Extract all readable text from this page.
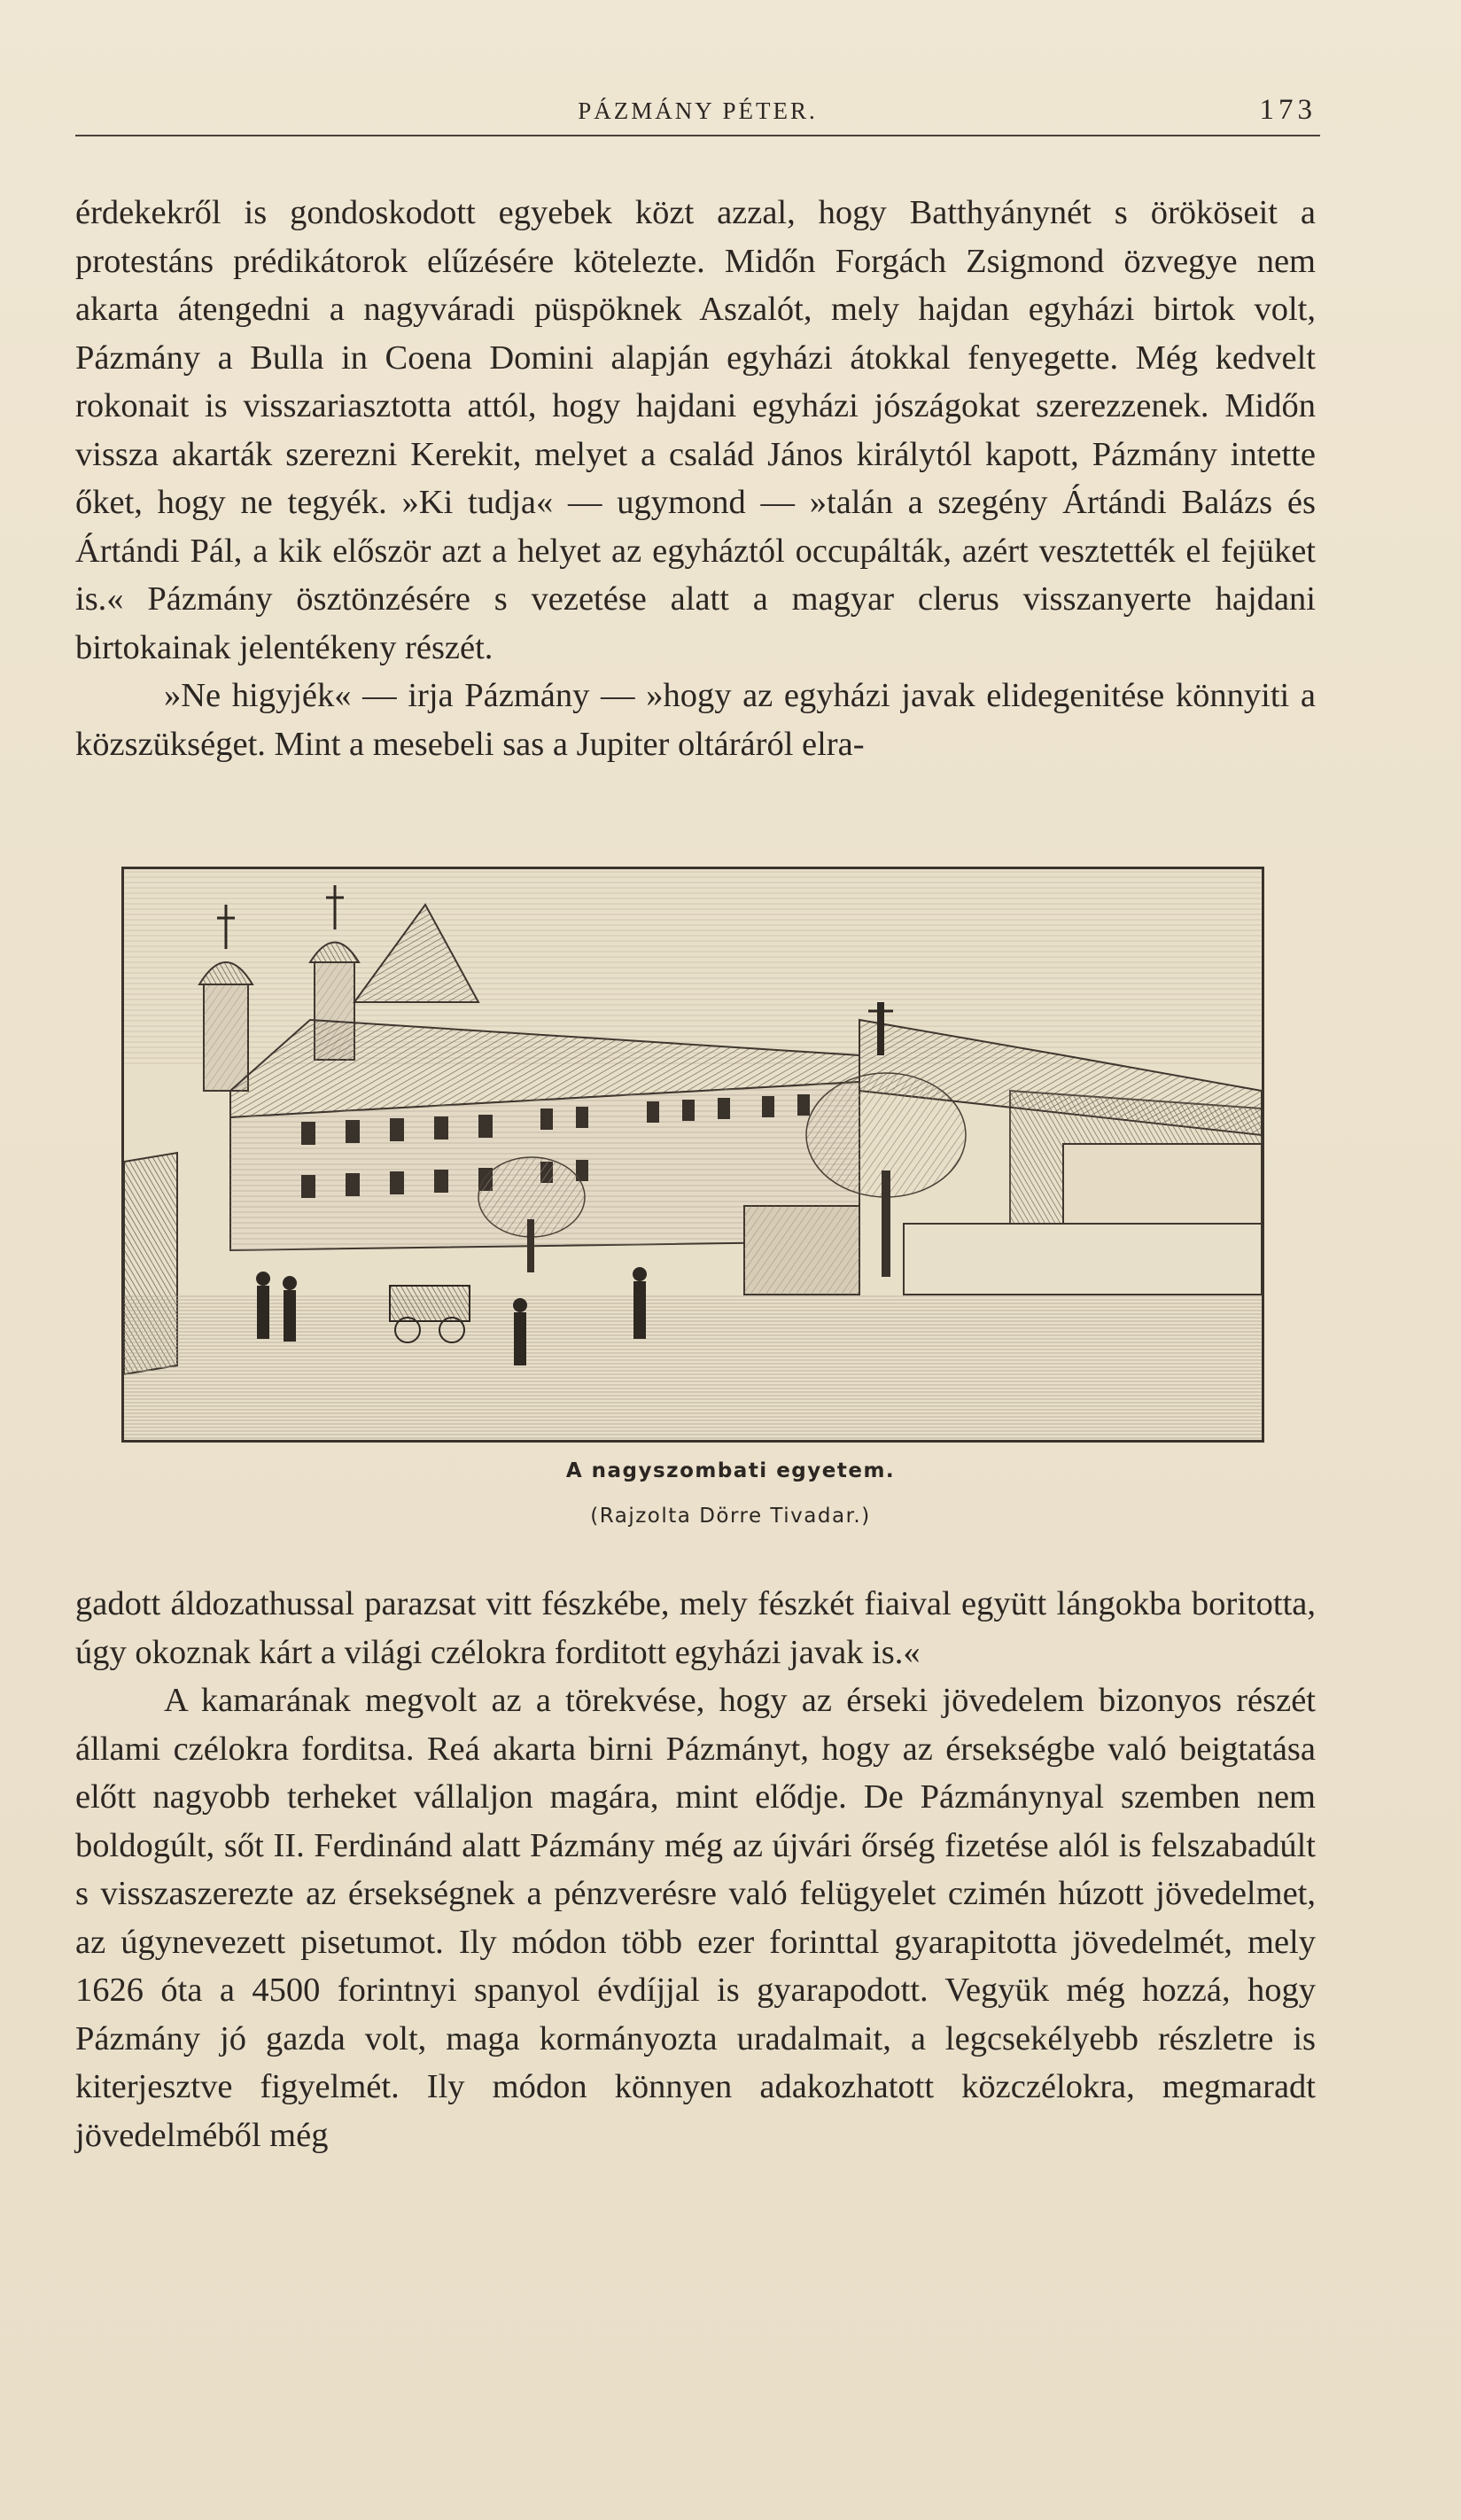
PÁZMÁNY PÉTER.	173

érdekekről is gondoskodott egyebek közt azzal, hogy Batthyánynét s örököseit a protestáns prédikátorok elűzésére kötelezte. Midőn Forgách Zsigmond özvegye nem akarta átengedni a nagyváradi püspöknek Aszalót, mely hajdan egyházi birtok volt, Pázmány a Bulla in Coena Domini alapján egyházi átokkal fenyegette. Még kedvelt rokonait is visszariasztotta attól, hogy hajdani egyházi jószágokat szerezzenek. Midőn vissza akarták szerezni Kerekit, melyet a család János királytól kapott, Pázmány intette őket, hogy ne tegyék. »Ki tudja« — ugymond — »talán a szegény Ártándi Balázs és Ártándi Pál, a kik először azt a helyet az egyháztól occupálták, azért vesztették el fejüket is.« Pázmány ösztönzésére s vezetése alatt a magyar clerus visszanyerte hajdani birtokainak jelentékeny részét.

»Ne higyjék« — irja Pázmány — »hogy az egyházi javak elidegenitése könnyiti a közszükséget. Mint a mesebeli sas a Jupiter oltáráról elra-

A nagyszombati egyetem.
(Rajzolta Dörre Tivadar.)

gadott áldozathussal parazsat vitt fészkébe, mely fészkét fiaival együtt lángokba boritotta, úgy okoznak kárt a világi czélokra forditott egyházi javak is.«

A kamarának megvolt az a törekvése, hogy az érseki jövedelem bizonyos részét állami czélokra forditsa. Reá akarta birni Pázmányt, hogy az érsekségbe való beigtatása előtt nagyobb terheket vállaljon magára, mint elődje. De Pázmánynyal szemben nem boldogúlt, sőt II. Ferdinánd alatt Pázmány még az újvári őrség fizetése alól is felszabadúlt s visszaszerezte az érsekségnek a pénzverésre való felügyelet czimén húzott jövedelmet, az úgynevezett pisetumot. Ily módon több ezer forinttal gyarapitotta jövedelmét, mely 1626 óta a 4500 forintnyi spanyol évdíjjal is gyarapodott. Vegyük még hozzá, hogy Pázmány jó gazda volt, maga kormányozta uradalmait, a legcsekélyebb részletre is kiterjesztve figyelmét. Ily módon könnyen adakozhatott közczélokra, megmaradt jövedelméből még
